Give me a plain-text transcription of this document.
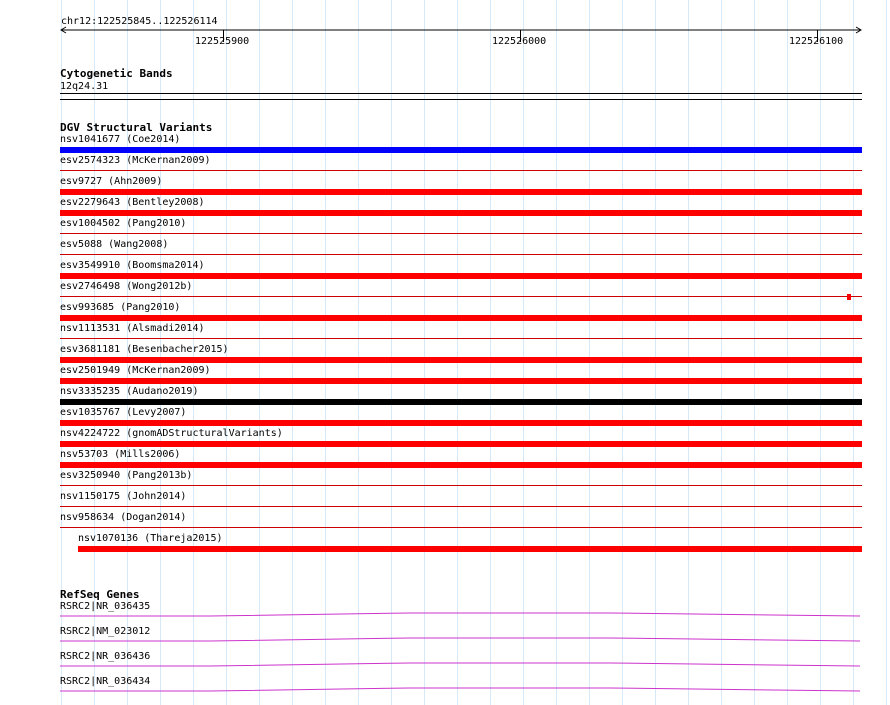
chr12:122525845..122526114
122525900	122526000	122526100
Cytogenetic Bands
12q24.31
DGV Structural Variants
nsv1041677 (Coe2014)
esv2574323 (McKernan2009)
esv9727 (Ahn2009)
esv2279643 (Bentley2008)
esv1004502 (Pang2010)
esv5088 (Wang2008)
esv3549910 (Boomsma2014)
esv2746498 (Wong2012b)
esv993685 (Pang2010)
nsv1113531 (Alsmadi2014)
esv3681181 (Besenbacher2015)
esv2501949 (McKernan2009)
nsv3335235 (Audano2019)
esv1035767 (Levy2007)
nsv4224722 (gnomADStructuralVariants)
nsv53703 (Mills2006)
esv3250940 (Pang2013b)
nsv1150175 (John2014)
nsv958634 (Dogan2014)
nsv1070136 (Thareja2015)
RefSeq Genes
RSRC2|NR_036435
RSRC2|NM_023012
RSRC2|NR_036436
RSRC2|NR_036434
